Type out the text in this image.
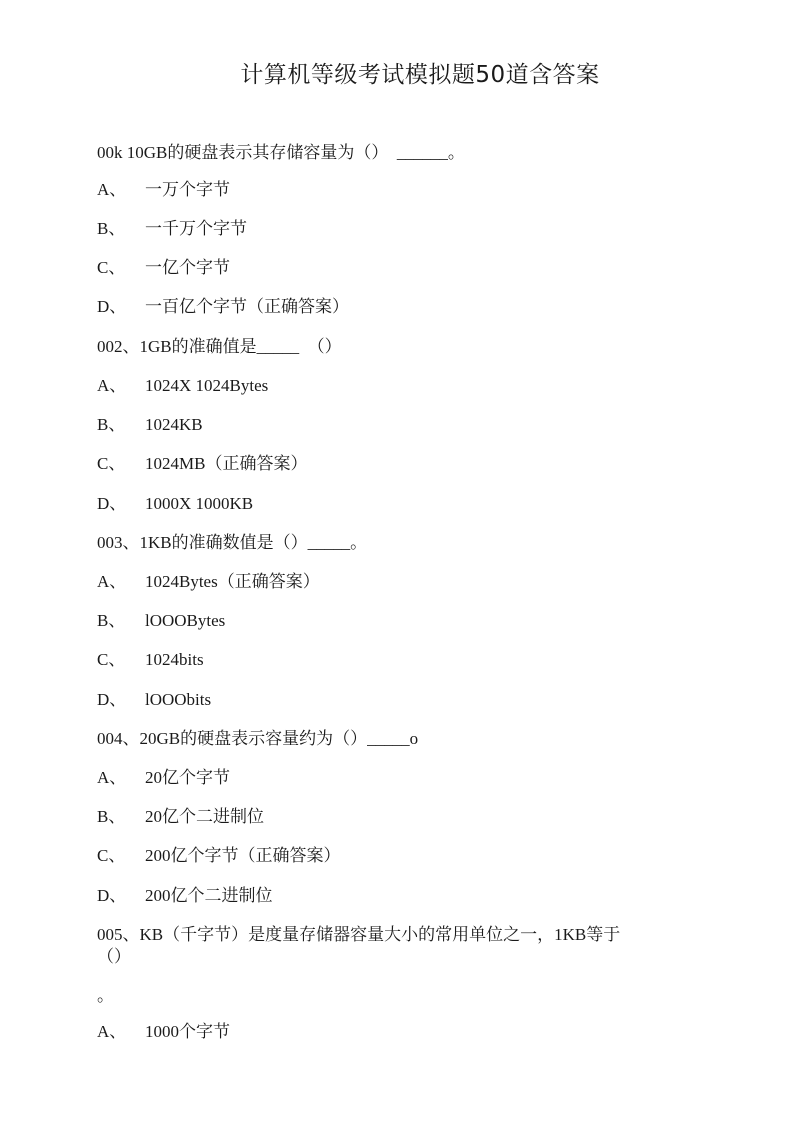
计算机等级考试模拟题50道含答案
00k 10GB的硬盘表示其存储容量为（）　______。
A、 一万个字节
B、 一千万个字节
C、 一亿个字节
D、 一百亿个字节（正确答案）
002、1GB的准确值是_____　（）
A、 1024X 1024Bytes
B、 1024KB
C、 1024MB（正确答案）
D、 1000X 1000KB
003、1KB的准确数值是（）_____。
A、 1024Bytes（正确答案）
B、 lOOOBytes
C、 1024bits
D、 lOOObits
004、20GB的硬盘表示容量约为（）_____o
A、 20亿个字节
B、 20亿个二进制位
C、 200亿个字节（正确答案）
D、 200亿个二进制位
005、KB（千字节）是度量存储器容量大小的常用单位之一，1KB等于
（）
。
A、 1000个字节
